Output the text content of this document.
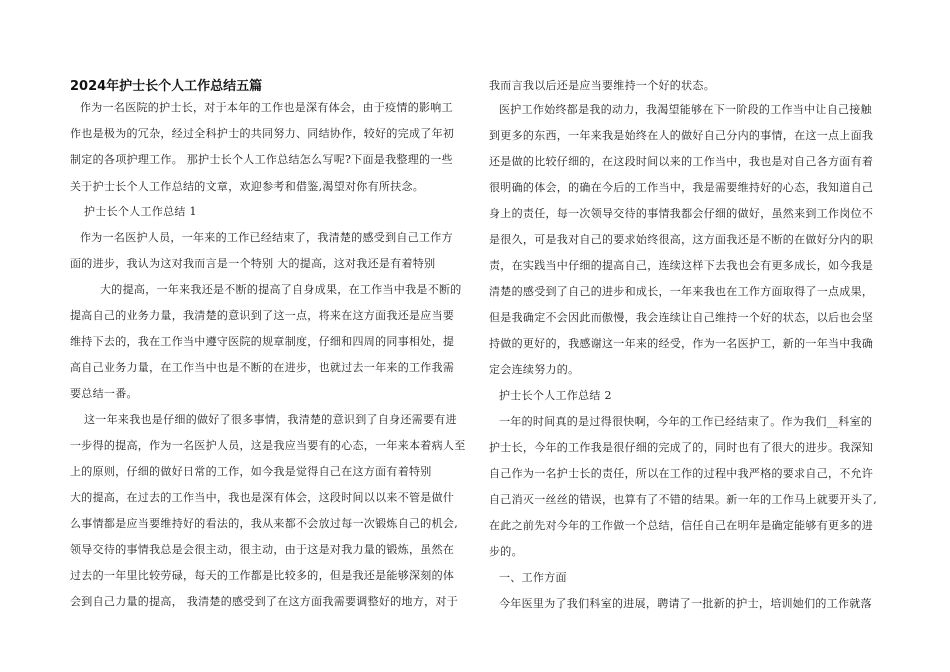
2024年护士长个人工作总结五篇
作为一名医院的护士长，对于本年的工作也是深有体会，由于疫情的影响工
作也是极为的冗杂，经过全科护士的共同努力、同结协作，较好的完成了年初
制定的各项护理工作。 那护士长个人工作总结怎么写呢?下面是我整理的一些
关于护士长个人工作总结的文章，欢迎参考和借鉴,渴望对你有所扶念。
护士长个人工作总结 1
作为一名医护人员，一年来的工作已经结束了，我清楚的感受到自己工作方
面的进步，我认为这对我而言是一个特别 大的提高，这对我还是有着特别
大的提高，一年来我还是不断的提高了自身成果，在工作当中我是不断的
提高自己的业务力量，我清楚的意识到了这一点，将来在这方面我还是应当要
维持下去的，我在工作当中遵守医院的规章制度，仔细和四周的同事相处，提
高自己业务力量，在工作当中也是不断的在进步，也就过去一年来的工作我需
要总结一番。
这一年来我也是仔细的做好了很多事情，我清楚的意识到了自身还需要有进
一步得的提高，作为一名医护人员，这是我应当要有的心态，一年来本着病人至
上的原则，仔细的做好日常的工作，如今我是觉得自己在这方面有着特别
大的提高，在过去的工作当中，我也是深有体会，这段时间以以来不管是做什
么事情都是应当要维持好的看法的，我从来都不会放过每一次锻炼自己的机会,
领导交待的事情我总是会很主动，很主动，由于这是对我力量的锻炼，虽然在
过去的一年里比较劳碌，每天的工作都是比较多的，但是我还是能够深刻的体
会到自己力量的提高， 我清楚的感受到了在这方面我需要调整好的地方，对于
我而言我以后还是应当要维持一个好的状态。
医护工作始终都是我的动力，我渴望能够在下一阶段的工作当中让自己接触
到更多的东西，一年来我是始终在人的做好自己分内的事情，在这一点上面我
还是做的比较仔细的，在这段时间以来的工作当中，我也是对自己各方面有着
很明确的体会，的确在今后的工作当中，我是需要维持好的心态，我知道自己
身上的责任，每一次领导交待的事情我都会仔细的做好，虽然来到工作岗位不
是很久，可是我对自己的要求始终很高，这方面我还是不断的在做好分内的职
责，在实践当中仔细的提高自己，连续这样下去我也会有更多成长，如今我是
清楚的感受到了自己的进步和成长，一年来我也在工作方面取得了一点成果，
但是我确定不会因此而傲慢，我会连续让自己维持一个好的状态，以后也会坚
持做的更好的，我感谢这一年来的经受，作为一名医护工，新的一年当中我确
定会连续努力的。
护士长个人工作总结 2
一年的时间真的是过得很快啊，今年的工作已经结束了。作为我们__科室的
护士长，今年的工作我是很仔细的完成了的，同时也有了很大的进步。我深知
自己作为一名护士长的责任，所以在工作的过程中我严格的要求自己，不允许
自己消灭一丝丝的错误，也算有了不错的结果。新一年的工作马上就要开头了,
在此之前先对今年的工作做一个总结，信任自己在明年是确定能够有更多的进
步的。
一、工作方面
今年医里为了我们科室的进展，聘请了一批新的护士，培训她们的工作就落
